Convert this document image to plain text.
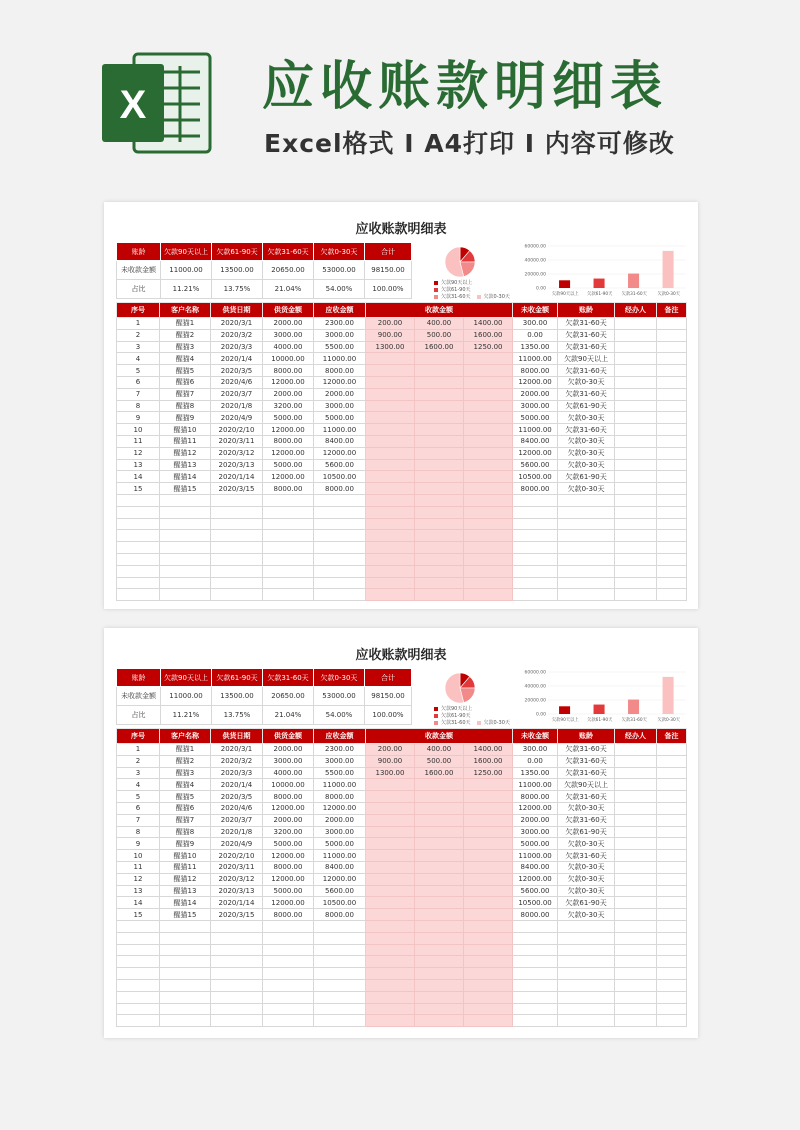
X 应收账款明细表
Excel格式 I A4打印 I 内容可修改
应收账款明细表
账龄	欠款90天以上	欠款61-90天	欠款31-60天	欠款0-30天	合计
未收款金额	11000.00	13500.00	20650.00	53000.00	98150.00
占比	11.21%	13.75%	21.04%	54.00%	100.00%
欠款90天以上欠款61-90天欠款31-60天	欠款0-30天
60000.00
40000.00
20000.00
0.00
欠款90天以上 欠款61-90天 欠款31-60天 欠款0-30天
序号	客户名称	供货日期	供货金额	应收金额	收款金额			未收金额	账龄	经办人	备注
1	醒猫1	2020/3/1	2000.00	2300.00	200.00	400.00	1400.00	300.00	欠款31-60天		
2	醒猫2	2020/3/2	3000.00	3000.00	900.00	500.00	1600.00	0.00	欠款31-60天		
3	醒猫3	2020/3/3	4000.00	5500.00	1300.00	1600.00	1250.00	1350.00	欠款31-60天		
4	醒猫4	2020/1/4	10000.00	11000.00				11000.00	欠款90天以上		
5	醒猫5	2020/3/5	8000.00	8000.00				8000.00	欠款31-60天		
6	醒猫6	2020/4/6	12000.00	12000.00				12000.00	欠款0-30天		
7	醒猫7	2020/3/7	2000.00	2000.00				2000.00	欠款31-60天		
8	醒猫8	2020/1/8	3200.00	3000.00				3000.00	欠款61-90天		
9	醒猫9	2020/4/9	5000.00	5000.00				5000.00	欠款0-30天		
10	醒猫10	2020/2/10	12000.00	11000.00				11000.00	欠款31-60天		
11	醒猫11	2020/3/11	8000.00	8400.00				8400.00	欠款0-30天		
12	醒猫12	2020/3/12	12000.00	12000.00				12000.00	欠款0-30天		
13	醒猫13	2020/3/13	5000.00	5600.00				5600.00	欠款0-30天		
14	醒猫14	2020/1/14	12000.00	10500.00				10500.00	欠款61-90天		
15	醒猫15	2020/3/15	8000.00	8000.00				8000.00	欠款0-30天		

应收账款明细表
账龄	欠款90天以上	欠款61-90天	欠款31-60天	欠款0-30天	合计
未收款金额	11000.00	13500.00	20650.00	53000.00	98150.00
占比	11.21%	13.75%	21.04%	54.00%	100.00%
欠款90天以上欠款61-90天欠款31-60天	欠款0-30天
60000.00
40000.00
20000.00
0.00
欠款90天以上 欠款61-90天 欠款31-60天 欠款0-30天
序号	客户名称	供货日期	供货金额	应收金额	收款金额			未收金额	账龄	经办人	备注
1	醒猫1	2020/3/1	2000.00	2300.00	200.00	400.00	1400.00	300.00	欠款31-60天		
2	醒猫2	2020/3/2	3000.00	3000.00	900.00	500.00	1600.00	0.00	欠款31-60天		
3	醒猫3	2020/3/3	4000.00	5500.00	1300.00	1600.00	1250.00	1350.00	欠款31-60天		
4	醒猫4	2020/1/4	10000.00	11000.00				11000.00	欠款90天以上		
5	醒猫5	2020/3/5	8000.00	8000.00				8000.00	欠款31-60天		
6	醒猫6	2020/4/6	12000.00	12000.00				12000.00	欠款0-30天		
7	醒猫7	2020/3/7	2000.00	2000.00				2000.00	欠款31-60天		
8	醒猫8	2020/1/8	3200.00	3000.00				3000.00	欠款61-90天		
9	醒猫9	2020/4/9	5000.00	5000.00				5000.00	欠款0-30天		
10	醒猫10	2020/2/10	12000.00	11000.00				11000.00	欠款31-60天		
11	醒猫11	2020/3/11	8000.00	8400.00				8400.00	欠款0-30天		
12	醒猫12	2020/3/12	12000.00	12000.00				12000.00	欠款0-30天		
13	醒猫13	2020/3/13	5000.00	5600.00				5600.00	欠款0-30天		
14	醒猫14	2020/1/14	12000.00	10500.00				10500.00	欠款61-90天		
15	醒猫15	2020/3/15	8000.00	8000.00				8000.00	欠款0-30天		
